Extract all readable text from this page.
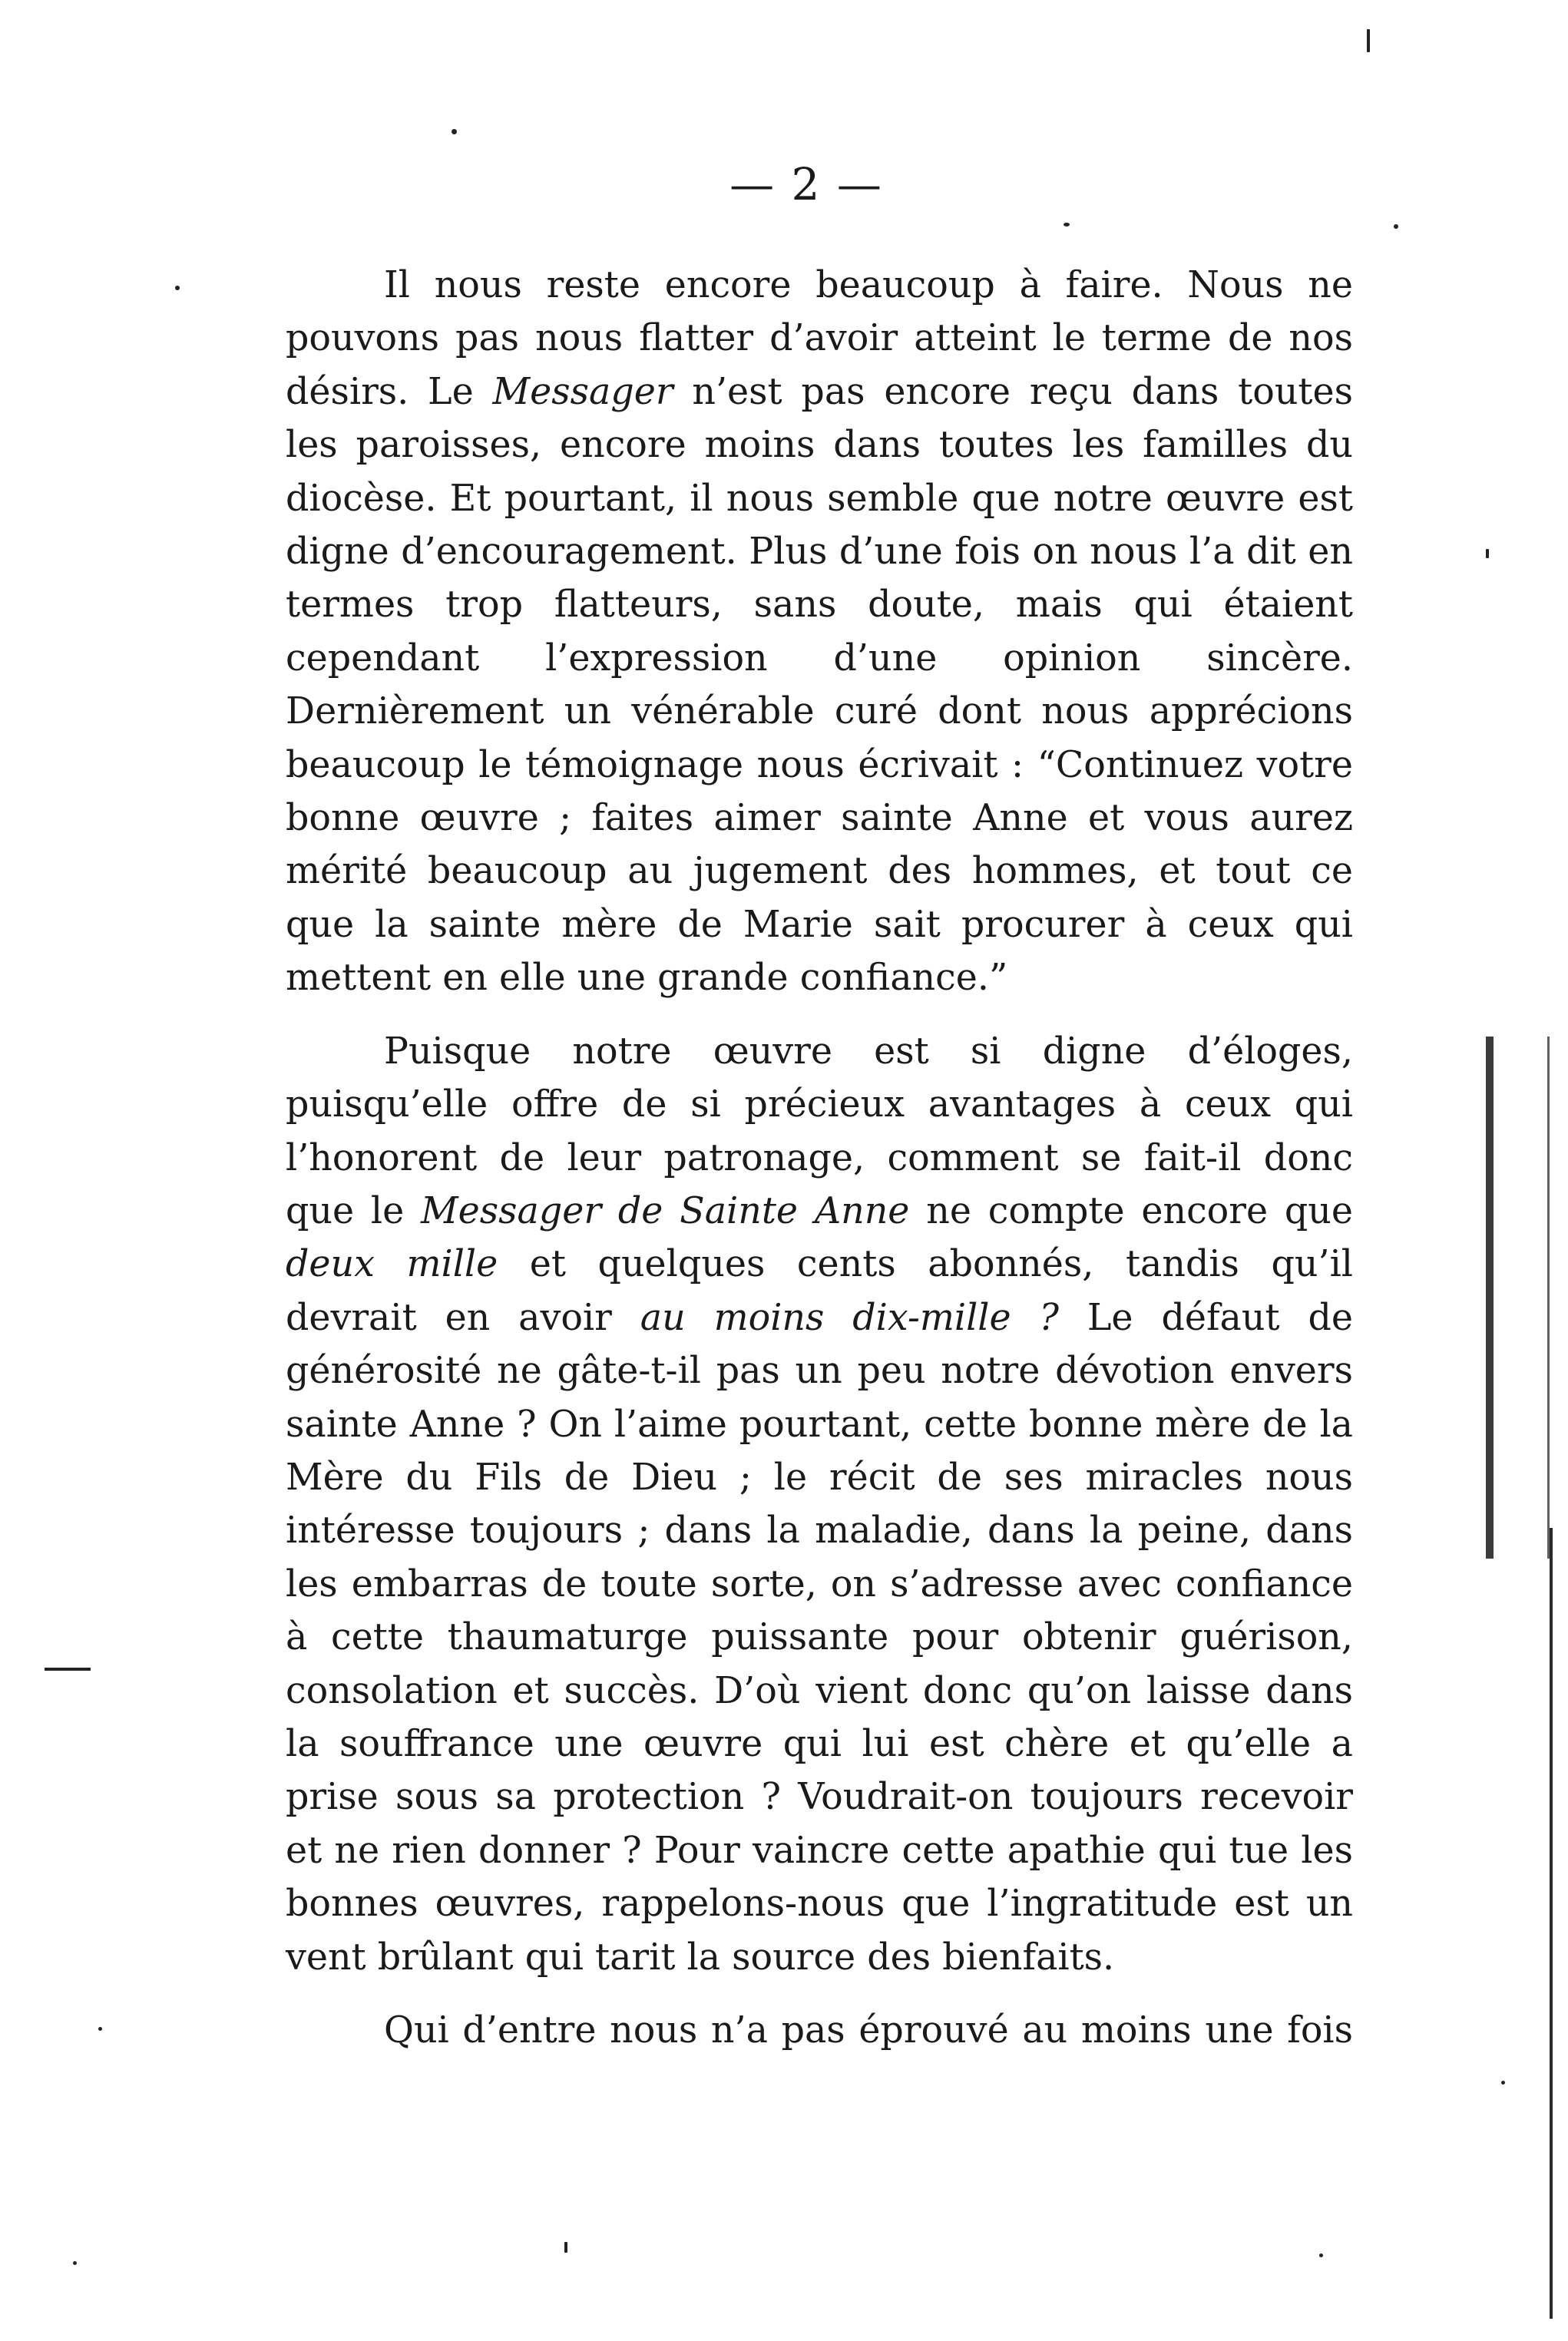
— 2 —

Il nous reste encore beaucoup à faire. Nous ne pouvons pas nous flatter d’avoir atteint le terme de nos désirs. Le Messager n’est pas encore reçu dans toutes les paroisses, encore moins dans toutes les familles du diocèse. Et pourtant, il nous semble que notre œuvre est digne d’encouragement. Plus d’une fois on nous l’a dit en termes trop flatteurs, sans doute, mais qui étaient cependant l’expression d’une opinion sincère. Dernièrement un vénérable curé dont nous apprécions beaucoup le témoignage nous écrivait : “Continuez votre bonne œuvre ; faites aimer sainte Anne et vous aurez mérité beaucoup au jugement des hommes, et tout ce que la sainte mère de Marie sait procurer à ceux qui mettent en elle une grande confiance.”

Puisque notre œuvre est si digne d’éloges, puisqu’elle offre de si précieux avantages à ceux qui l’honorent de leur patronage, comment se fait-il donc que le Messager de Sainte Anne ne compte encore que deux mille et quelques cents abonnés, tandis qu’il devrait en avoir au moins dix-mille ? Le défaut de générosité ne gâte-t-il pas un peu notre dévotion envers sainte Anne ? On l’aime pourtant, cette bonne mère de la Mère du Fils de Dieu ; le récit de ses miracles nous intéresse toujours ; dans la maladie, dans la peine, dans les embarras de toute sorte, on s’adresse avec confiance à cette thaumaturge puissante pour obtenir guérison, consolation et succès. D’où vient donc qu’on laisse dans la souffrance une œuvre qui lui est chère et qu’elle a prise sous sa protection ? Voudrait-on toujours recevoir et ne rien donner ? Pour vaincre cette apathie qui tue les bonnes œuvres, rappelons-nous que l’ingratitude est un vent brûlant qui tarit la source des bienfaits.

Qui d’entre nous n’a pas éprouvé au moins une fois
